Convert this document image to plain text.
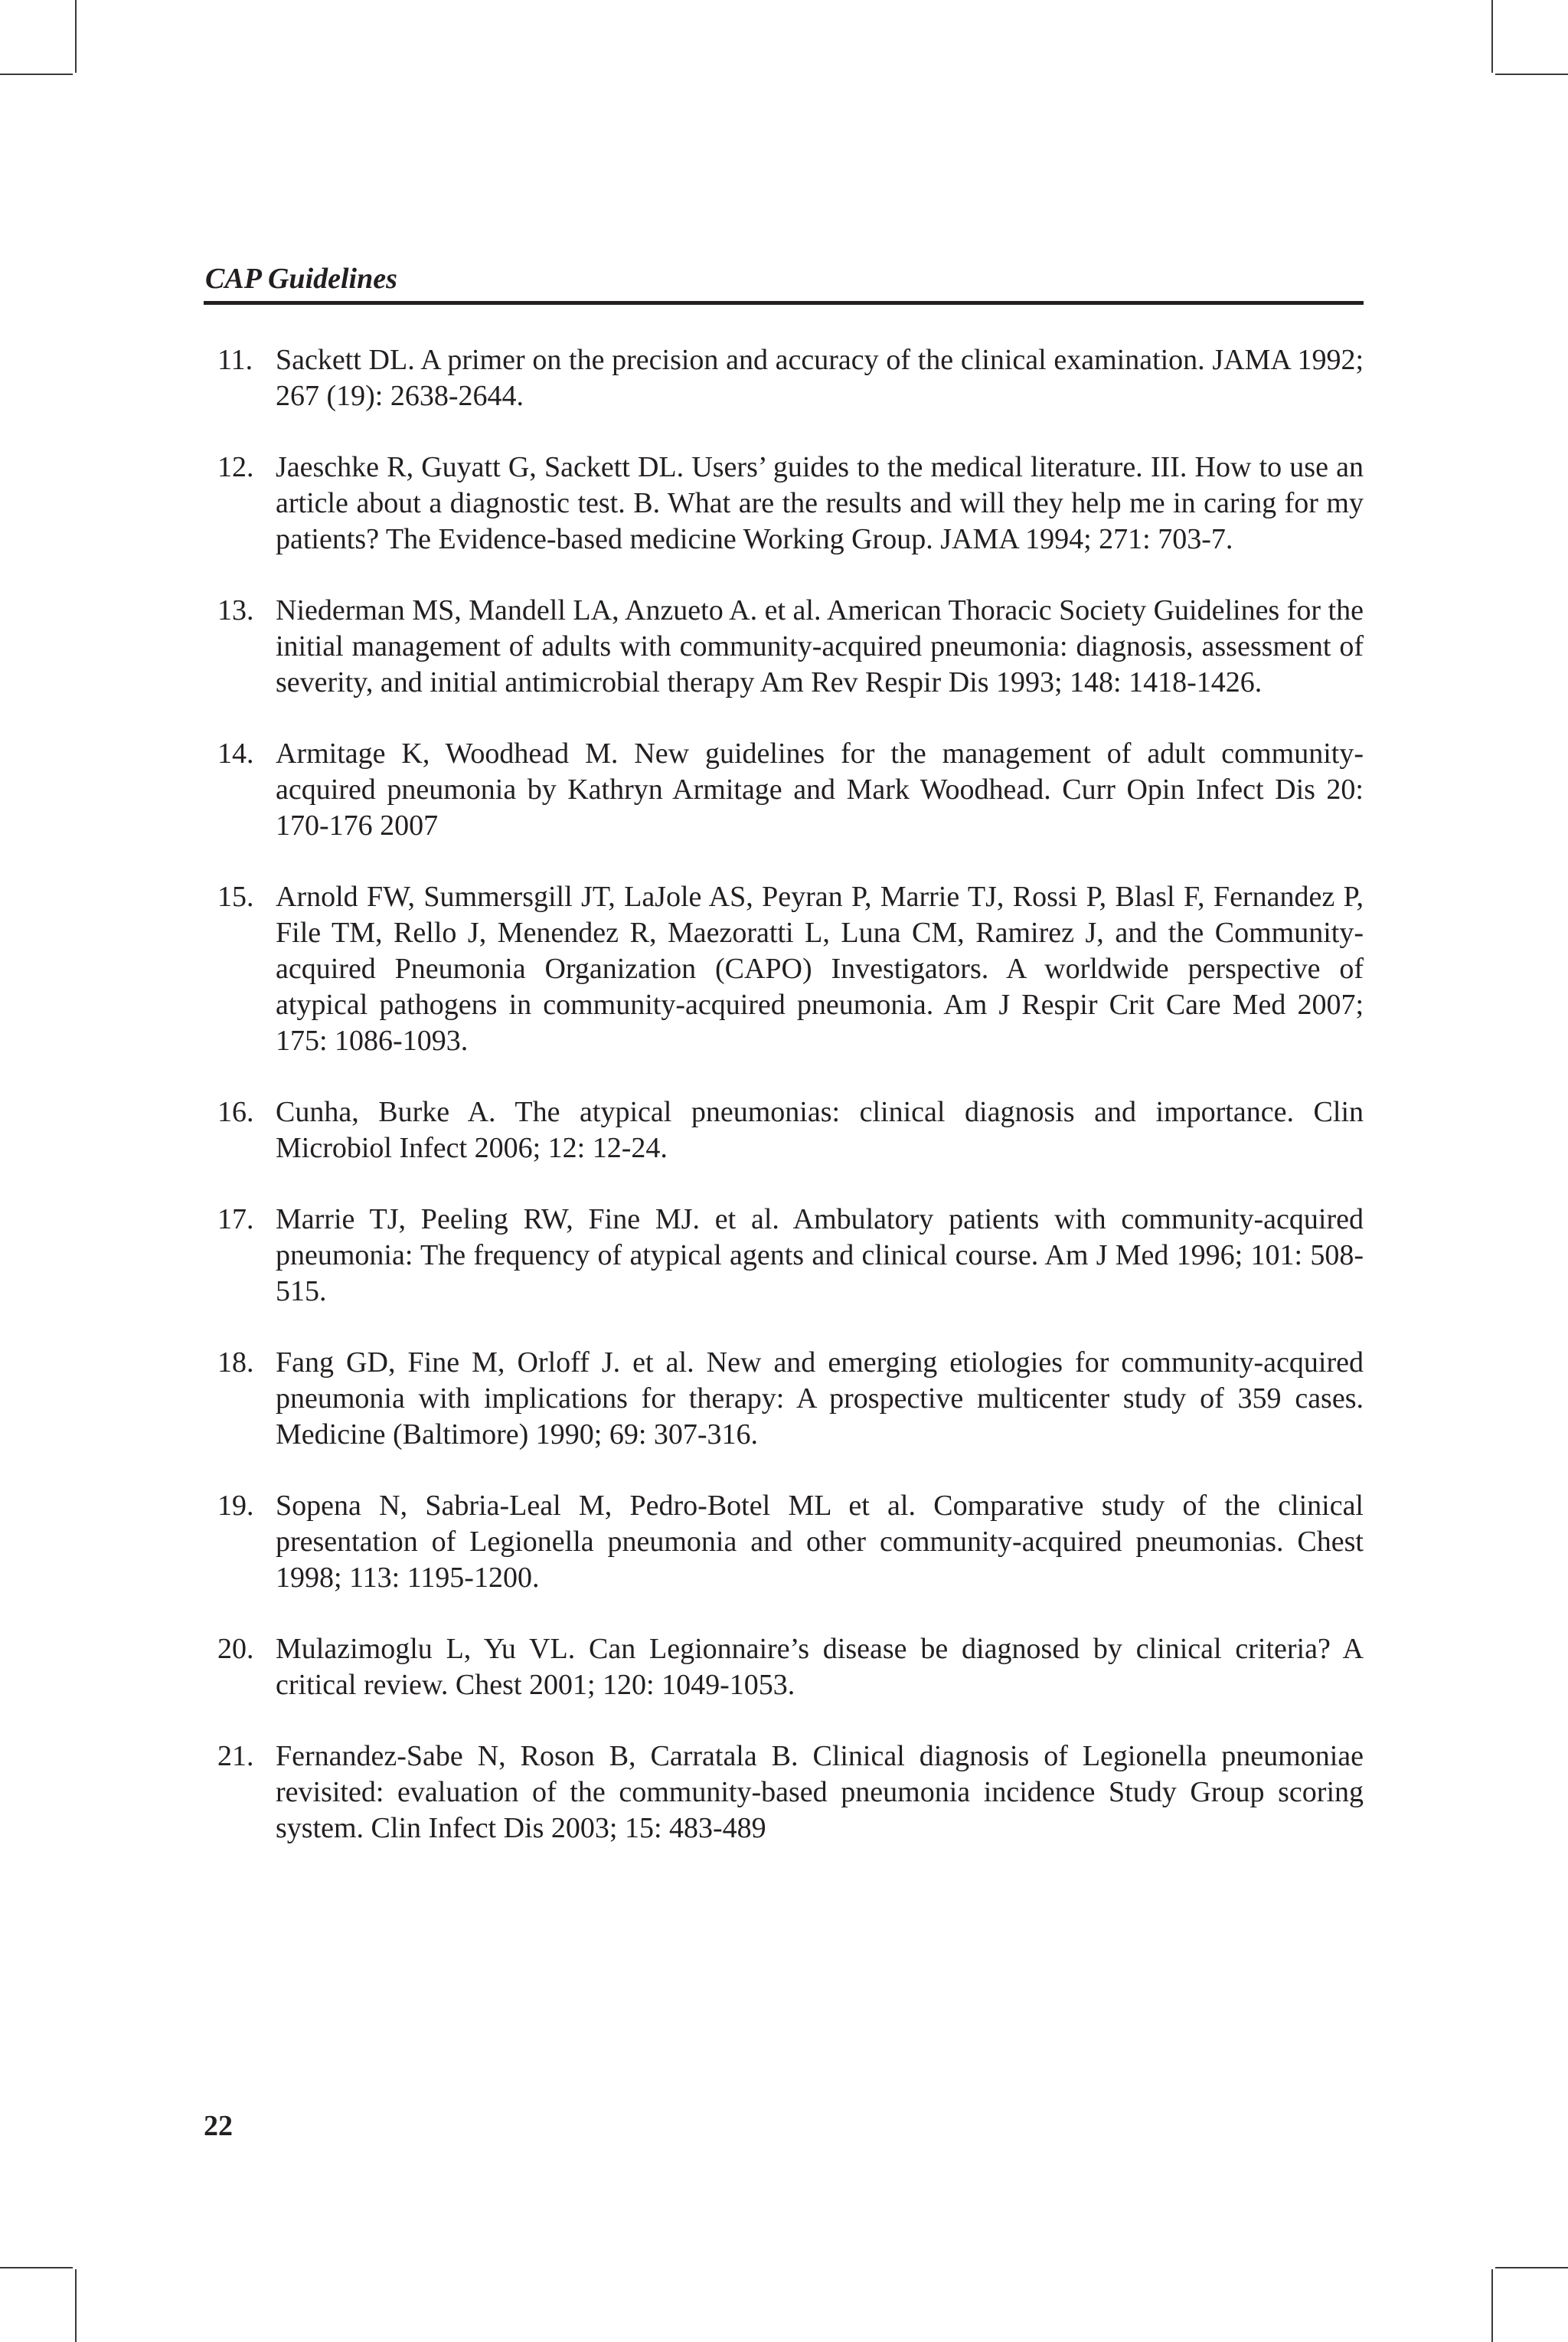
CAP Guidelines
11. Sackett DL. A primer on the precision and accuracy of the clinical examination. JAMA 1992; 267 (19): 2638-2644.
12. Jaeschke R, Guyatt G, Sackett DL. Users’ guides to the medical literature. III. How to use an article about a diagnostic test. B. What are the results and will they help me in caring for my patients? The Evidence-based medicine Working Group. JAMA 1994; 271: 703-7.
13. Niederman MS, Mandell LA, Anzueto A. et al. American Thoracic Society Guidelines for the initial management of adults with community-acquired pneumonia: diagnosis, assessment of severity, and initial antimicrobial therapy Am Rev Respir Dis 1993; 148: 1418-1426.
14. Armitage K, Woodhead M. New guidelines for the management of adult community-acquired pneumonia by Kathryn Armitage and Mark Woodhead. Curr Opin Infect Dis 20: 170-176 2007
15. Arnold FW, Summersgill JT, LaJole AS, Peyran P, Marrie TJ, Rossi P, Blasl F, Fernandez P, File TM, Rello J, Menendez R, Maezoratti L, Luna CM, Ramirez J, and the Community-acquired Pneumonia Organization (CAPO) Investigators. A worldwide perspective of atypical pathogens in community-acquired pneumonia. Am J Respir Crit Care Med 2007; 175: 1086-1093.
16. Cunha, Burke A. The atypical pneumonias: clinical diagnosis and importance. Clin Microbiol Infect 2006; 12: 12-24.
17. Marrie TJ, Peeling RW, Fine MJ. et al. Ambulatory patients with community-acquired pneumonia: The frequency of atypical agents and clinical course. Am J Med 1996; 101: 508-515.
18. Fang GD, Fine M, Orloff J. et al. New and emerging etiologies for community-acquired pneumonia with implications for therapy: A prospective multicenter study of 359 cases. Medicine (Baltimore) 1990; 69: 307-316.
19. Sopena N, Sabria-Leal M, Pedro-Botel ML et al. Comparative study of the clinical presentation of Legionella pneumonia and other community-acquired pneumonias. Chest 1998; 113: 1195-1200.
20. Mulazimoglu L, Yu VL. Can Legionnaire’s disease be diagnosed by clinical criteria? A critical review. Chest 2001; 120: 1049-1053.
21. Fernandez-Sabe N, Roson B, Carratala B. Clinical diagnosis of Legionella pneumoniae revisited: evaluation of the community-based pneumonia incidence Study Group scoring system. Clin Infect Dis 2003; 15: 483-489
22
